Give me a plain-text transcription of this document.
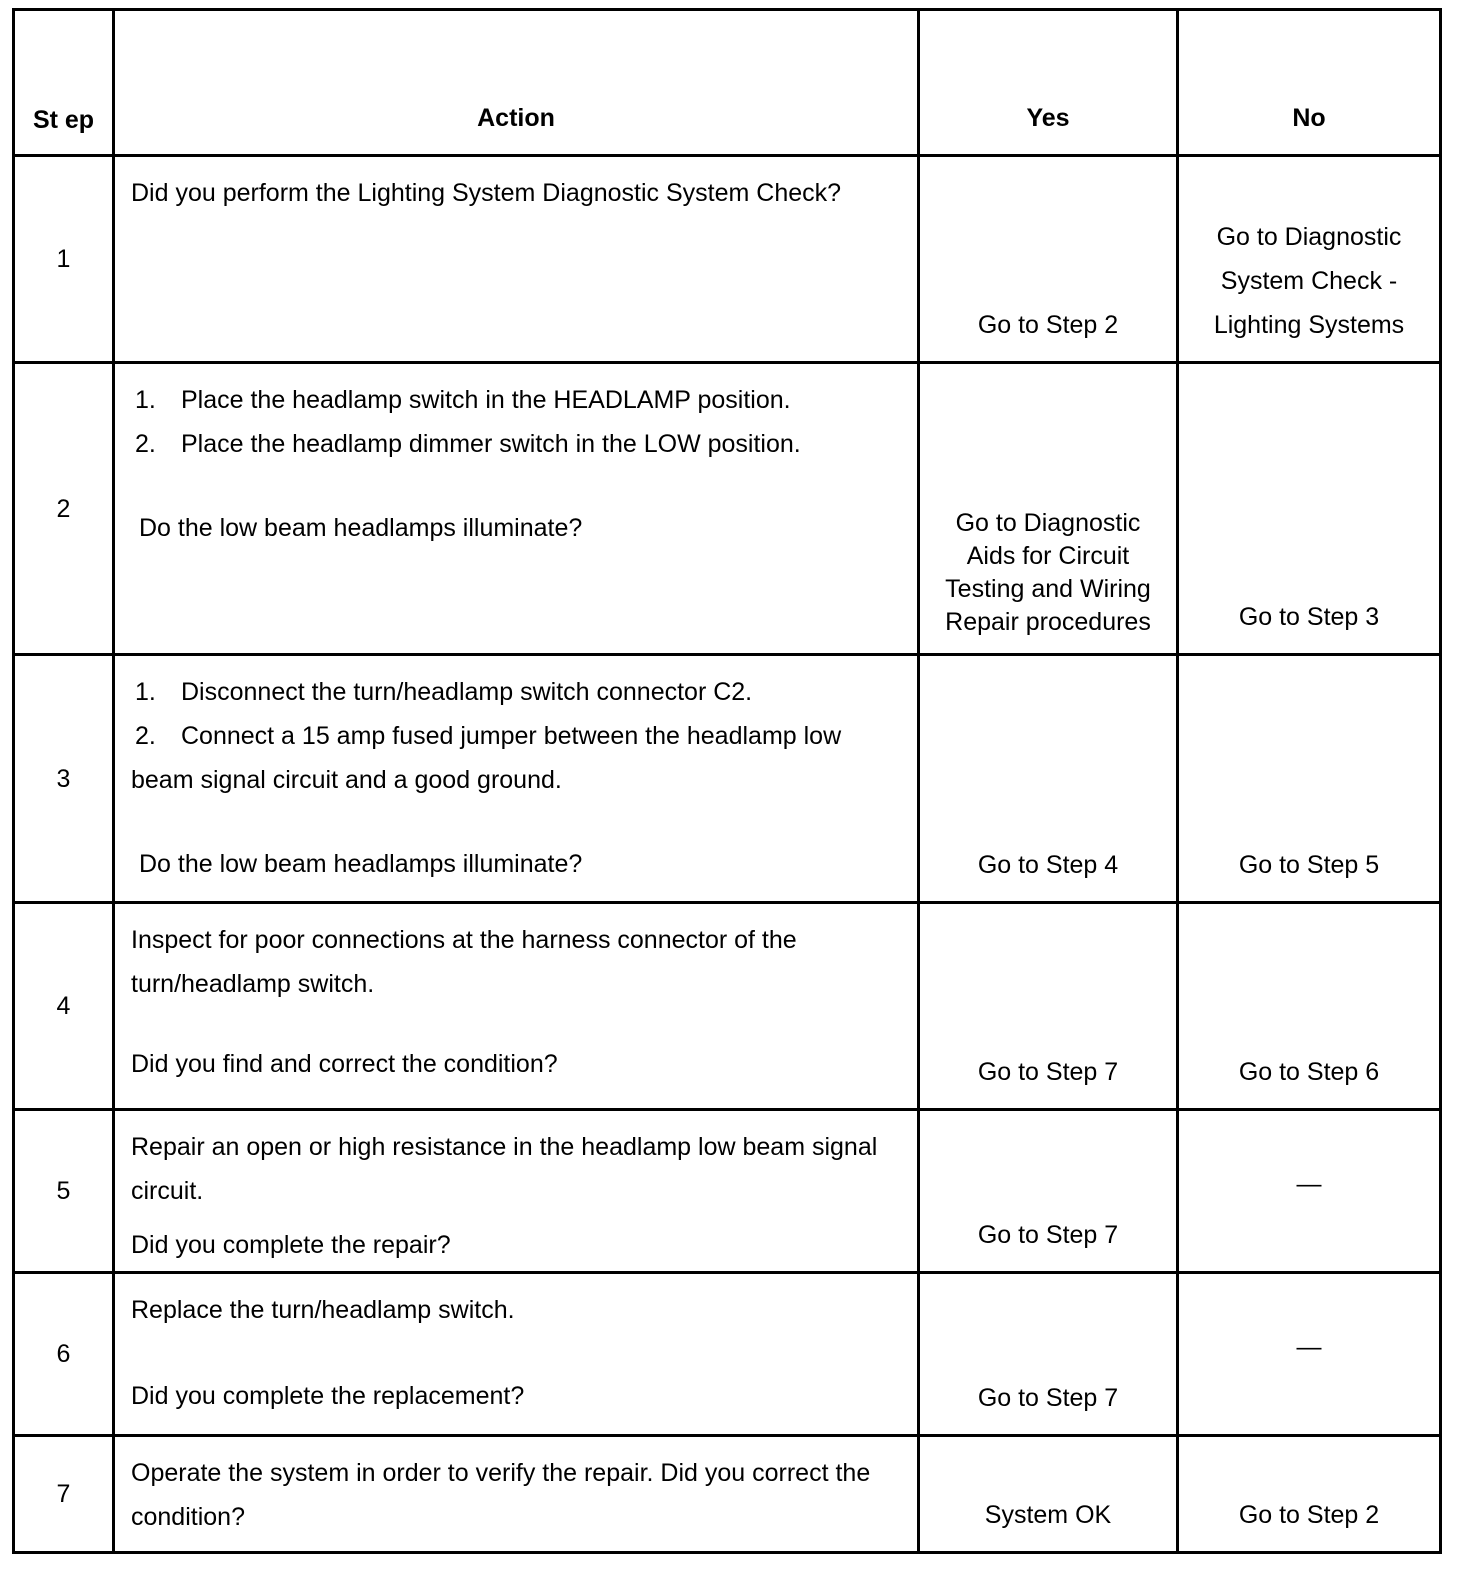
St ep	Action	Yes	No
1	Did you perform the Lighting System Diagnostic System Check?	Go to Step 2	Go to Diagnostic System Check - Lighting Systems
2	1. Place the headlamp switch in the HEADLAMP position.
2. Place the headlamp dimmer switch in the LOW position.
Do the low beam headlamps illuminate?	Go to Diagnostic Aids for Circuit Testing and Wiring Repair procedures	Go to Step 3
3	1. Disconnect the turn/headlamp switch connector C2.
2. Connect a 15 amp fused jumper between the headlamp low beam signal circuit and a good ground.
Do the low beam headlamps illuminate?	Go to Step 4	Go to Step 5
4	Inspect for poor connections at the harness connector of the turn/headlamp switch.
Did you find and correct the condition?	Go to Step 7	Go to Step 6
5	Repair an open or high resistance in the headlamp low beam signal circuit.
Did you complete the repair?	Go to Step 7	—
6	Replace the turn/headlamp switch.
Did you complete the replacement?	Go to Step 7	—
7	Operate the system in order to verify the repair. Did you correct the condition?	System OK	Go to Step 2
